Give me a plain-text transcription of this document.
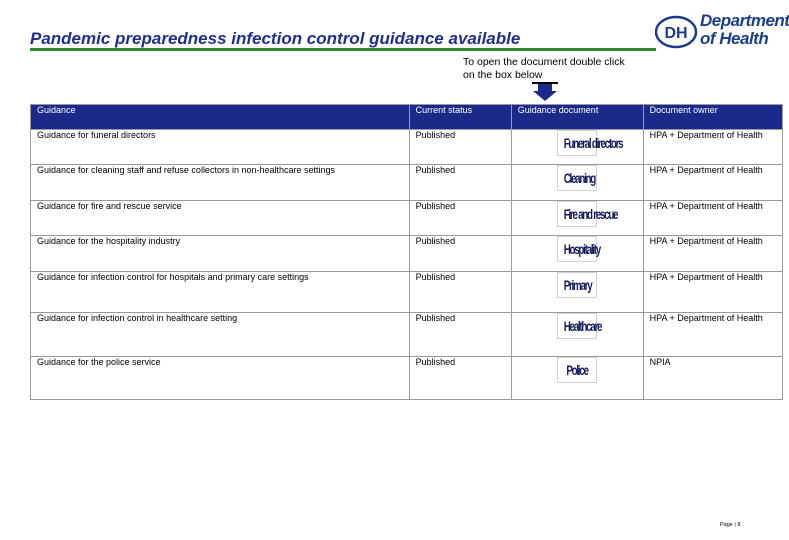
Pandemic preparedness infection control guidance available	DH
Department
of Health
To open the document double click on the box below
Guidance	Current status	Guidance document	Document owner
Guidance for funeral directors	Published	Funeral directors	HPA + Department of Health
Guidance for cleaning staff and refuse collectors in non-healthcare settings	Published	Cleaning	HPA + Department of Health
Guidance for fire and rescue service	Published	Fire and rescue	HPA + Department of Health
Guidance for the hospitality industry	Published	Hospitality	HPA + Department of Health
Guidance for infection control for hospitals and primary care settings	Published	Primary	HPA + Department of Health
Guidance for infection control in healthcare setting	Published	Healthcare	HPA + Department of Health
Guidance for the police service	Published	Police	NPIA
Page | 8
